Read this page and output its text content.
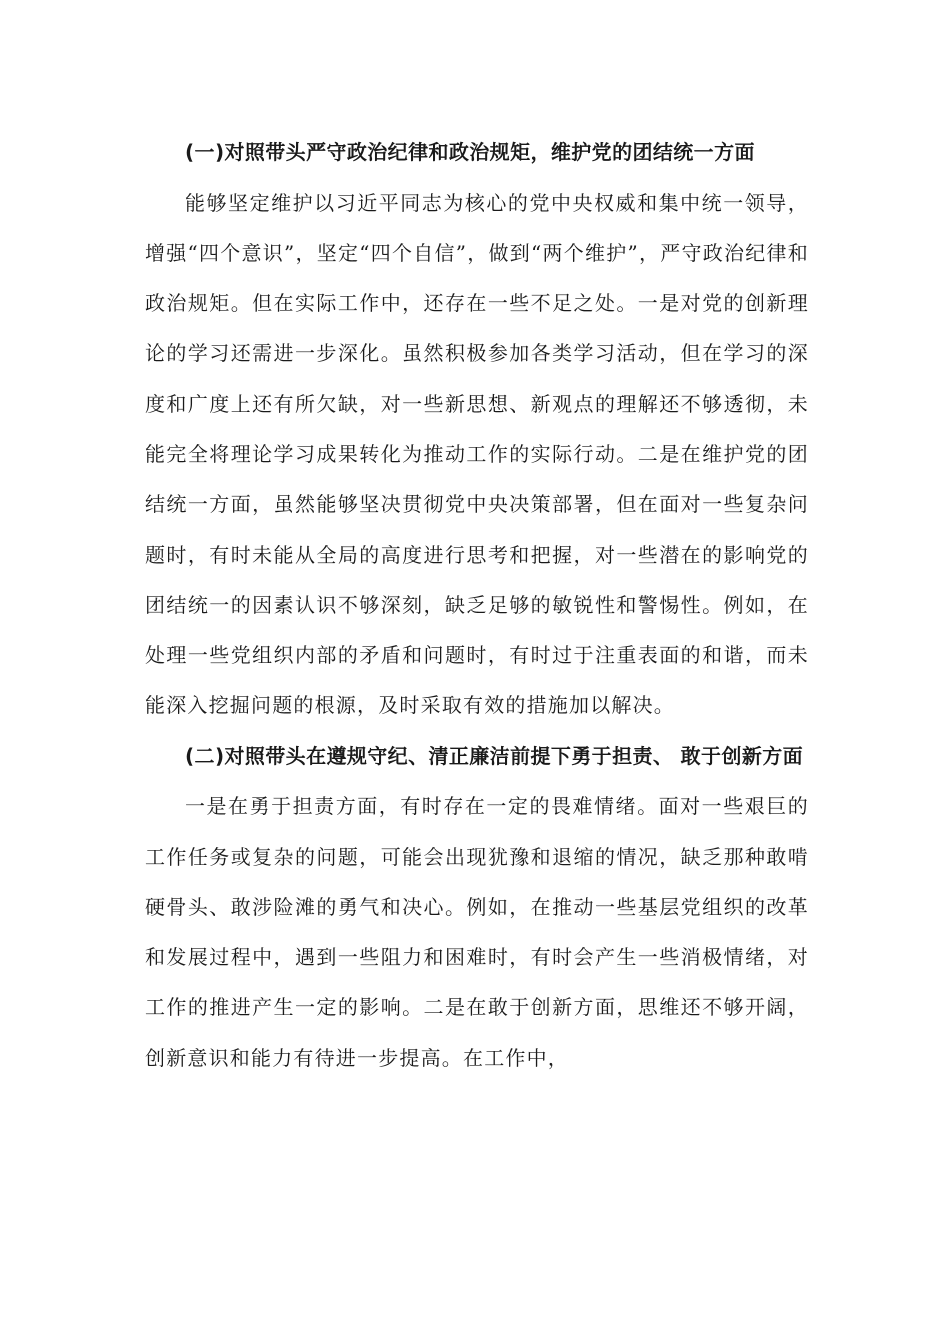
(一)对照带头严守政治纪律和政治规矩，维护党的团结统一方面

能够坚定维护以习近平同志为核心的党中央权威和集中统一领导，增强“四个意识”，坚定“四个自信”，做到“两个维护”，严守政治纪律和政治规矩。但在实际工作中，还存在一些不足之处。一是对党的创新理论的学习还需进一步深化。虽然积极参加各类学习活动，但在学习的深度和广度上还有所欠缺，对一些新思想、新观点的理解还不够透彻，未能完全将理论学习成果转化为推动工作的实际行动。二是在维护党的团结统一方面，虽然能够坚决贯彻党中央决策部署，但在面对一些复杂问题时，有时未能从全局的高度进行思考和把握，对一些潜在的影响党的团结统一的因素认识不够深刻，缺乏足够的敏锐性和警惕性。例如，在处理一些党组织内部的矛盾和问题时，有时过于注重表面的和谐，而未能深入挖掘问题的根源，及时采取有效的措施加以解决。

(二)对照带头在遵规守纪、清正廉洁前提下勇于担责、 敢于创新方面

一是在勇于担责方面，有时存在一定的畏难情绪。面对一些艰巨的工作任务或复杂的问题，可能会出现犹豫和退缩的情况，缺乏那种敢啃硬骨头、敢涉险滩的勇气和决心。例如，在推动一些基层党组织的改革和发展过程中，遇到一些阻力和困难时，有时会产生一些消极情绪，对工作的推进产生一定的影响。二是在敢于创新方面，思维还不够开阔，创新意识和能力有待进一步提高。在工作中，
